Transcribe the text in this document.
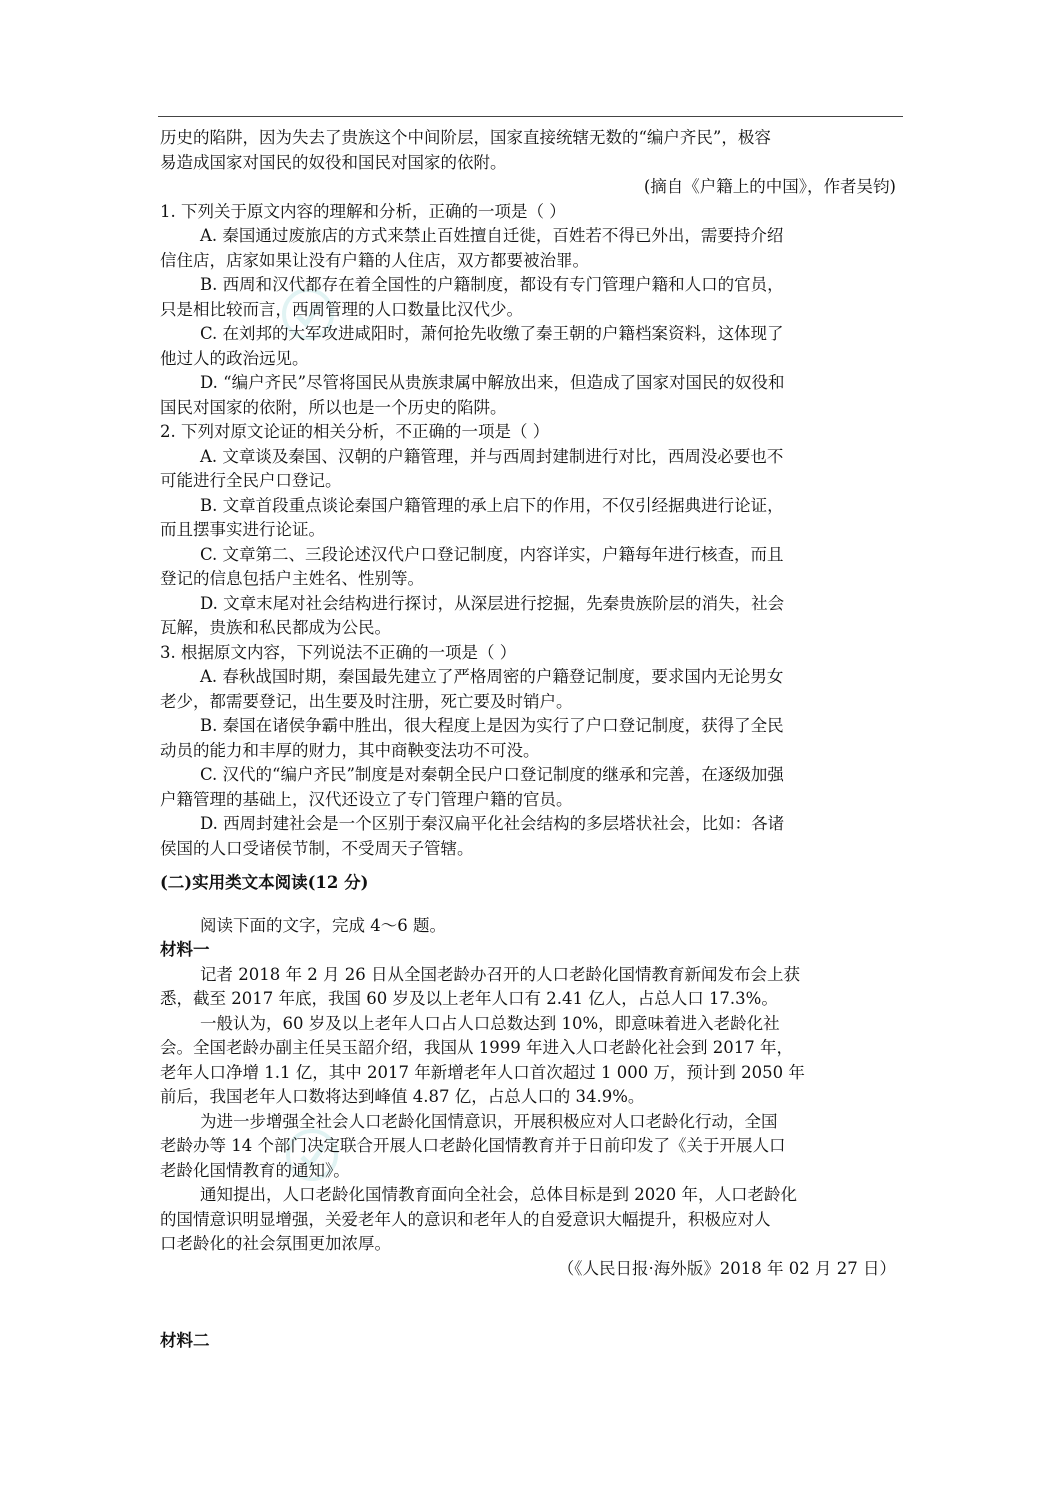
历史的陷阱，因为失去了贵族这个中间阶层，国家直接统辖无数的“编户齐民”，极容
易造成国家对国民的奴役和国民对国家的依附。
(摘自《户籍上的中国》，作者吴钧)
1. 下列关于原文内容的理解和分析，正确的一项是（ ）
A. 秦国通过废旅店的方式来禁止百姓擅自迁徙，百姓若不得已外出，需要持介绍
信住店，店家如果让没有户籍的人住店，双方都要被治罪。
B. 西周和汉代都存在着全国性的户籍制度，都设有专门管理户籍和人口的官员，
只是相比较而言，西周管理的人口数量比汉代少。
C. 在刘邦的大军攻进咸阳时，萧何抢先收缴了秦王朝的户籍档案资料，这体现了
他过人的政治远见。
D. “编户齐民”尽管将国民从贵族隶属中解放出来，但造成了国家对国民的奴役和
国民对国家的依附，所以也是一个历史的陷阱。
2. 下列对原文论证的相关分析，不正确的一项是（ ）
A. 文章谈及秦国、汉朝的户籍管理，并与西周封建制进行对比，西周没必要也不
可能进行全民户口登记。
B. 文章首段重点谈论秦国户籍管理的承上启下的作用，不仅引经据典进行论证，
而且摆事实进行论证。
C. 文章第二、三段论述汉代户口登记制度，内容详实，户籍每年进行核查，而且
登记的信息包括户主姓名、性别等。
D. 文章末尾对社会结构进行探讨，从深层进行挖掘，先秦贵族阶层的消失，社会
瓦解，贵族和私民都成为公民。
3. 根据原文内容，下列说法不正确的一项是（ ）
A. 春秋战国时期，秦国最先建立了严格周密的户籍登记制度，要求国内无论男女
老少，都需要登记，出生要及时注册，死亡要及时销户。
B. 秦国在诸侯争霸中胜出，很大程度上是因为实行了户口登记制度，获得了全民
动员的能力和丰厚的财力，其中商鞅变法功不可没。
C. 汉代的“编户齐民”制度是对秦朝全民户口登记制度的继承和完善，在逐级加强
户籍管理的基础上，汉代还设立了专门管理户籍的官员。
D. 西周封建社会是一个区别于秦汉扁平化社会结构的多层塔状社会，比如：各诸
侯国的人口受诸侯节制，不受周天子管辖。
(二)实用类文本阅读(12 分)
阅读下面的文字，完成 4～6 题。
材料一
记者 2018 年 2 月 26 日从全国老龄办召开的人口老龄化国情教育新闻发布会上获
悉，截至 2017 年底，我国 60 岁及以上老年人口有 2.41 亿人，占总人口 17.3%。
一般认为，60 岁及以上老年人口占人口总数达到 10%，即意味着进入老龄化社
会。全国老龄办副主任吴玉韶介绍，我国从 1999 年进入人口老龄化社会到 2017 年，
老年人口净增 1.1 亿，其中 2017 年新增老年人口首次超过 1 000 万，预计到 2050 年
前后，我国老年人口数将达到峰值 4.87 亿，占总人口的 34.9%。
为进一步增强全社会人口老龄化国情意识，开展积极应对人口老龄化行动，全国
老龄办等 14 个部门决定联合开展人口老龄化国情教育并于日前印发了《关于开展人口
老龄化国情教育的通知》。
通知提出，人口老龄化国情教育面向全社会，总体目标是到 2020 年，人口老龄化
的国情意识明显增强，关爱老年人的意识和老年人的自爱意识大幅提升，积极应对人
口老龄化的社会氛围更加浓厚。
（《人民日报·海外版》2018 年 02 月 27 日）
材料二
